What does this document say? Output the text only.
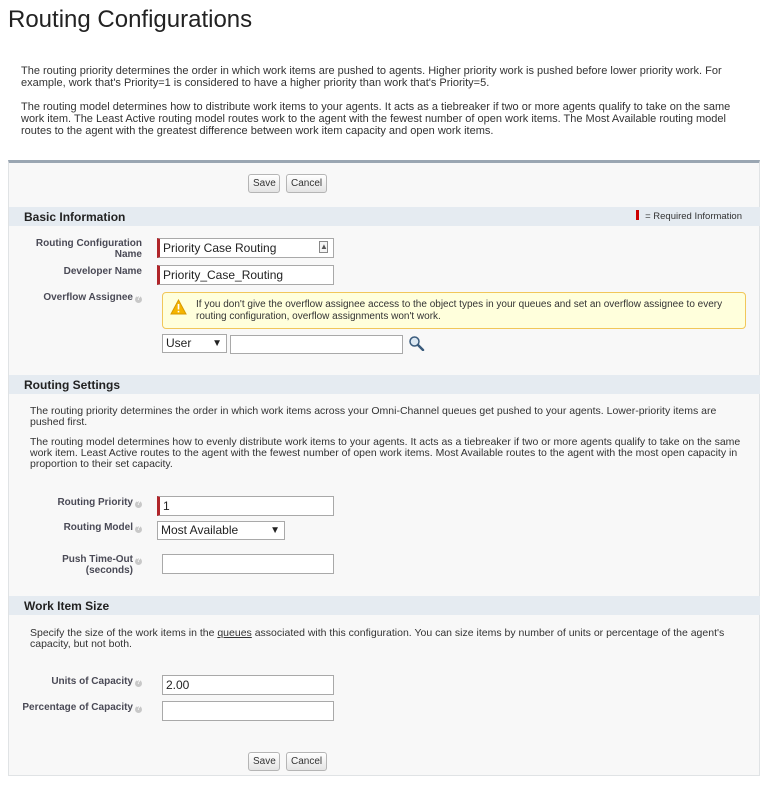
Routing Configurations

The routing priority determines the order in which work items are pushed to agents. Higher priority work is pushed before lower priority work. For example, work that's Priority=1 is considered to have a higher priority than work that's Priority=5.

The routing model determines how to distribute work items to your agents. It acts as a tiebreaker if two or more agents qualify to take on the same work item. The Least Active routing model routes work to the agent with the fewest number of open work items. The Most Available routing model routes to the agent with the greatest difference between work item capacity and open work items.

Save	Cancel
Basic Information	= Required Information
Routing Configuration
Name	Priority Case Routing	▲
Developer Name	Priority_Case_Routing
Overflow Assignee ?	If you don't give the overflow assignee access to the object types in your queues and set an overflow assignee to every routing configuration, overflow assignments won't work.
User ▼
Routing Settings

The routing priority determines the order in which work items across your Omni-Channel queues get pushed to your agents. Lower-priority items are pushed first.

The routing model determines how to evenly distribute work items to your agents. It acts as a tiebreaker if two or more agents qualify to take on the same work item. Least Active routes to the agent with the fewest number of open work items. Most Available routes to the agent with the most open capacity in proportion to their set capacity.

Routing Priority ?	1
Routing Model ?	Most Available	▼
Push Time-Out ?
(seconds)
Work Item Size

Specify the size of the work items in the queues associated with this configuration. You can size items by number of units or percentage of the agent's capacity, but not both.

Units of Capacity ?	2.00
Percentage of Capacity ?
Save	Cancel
